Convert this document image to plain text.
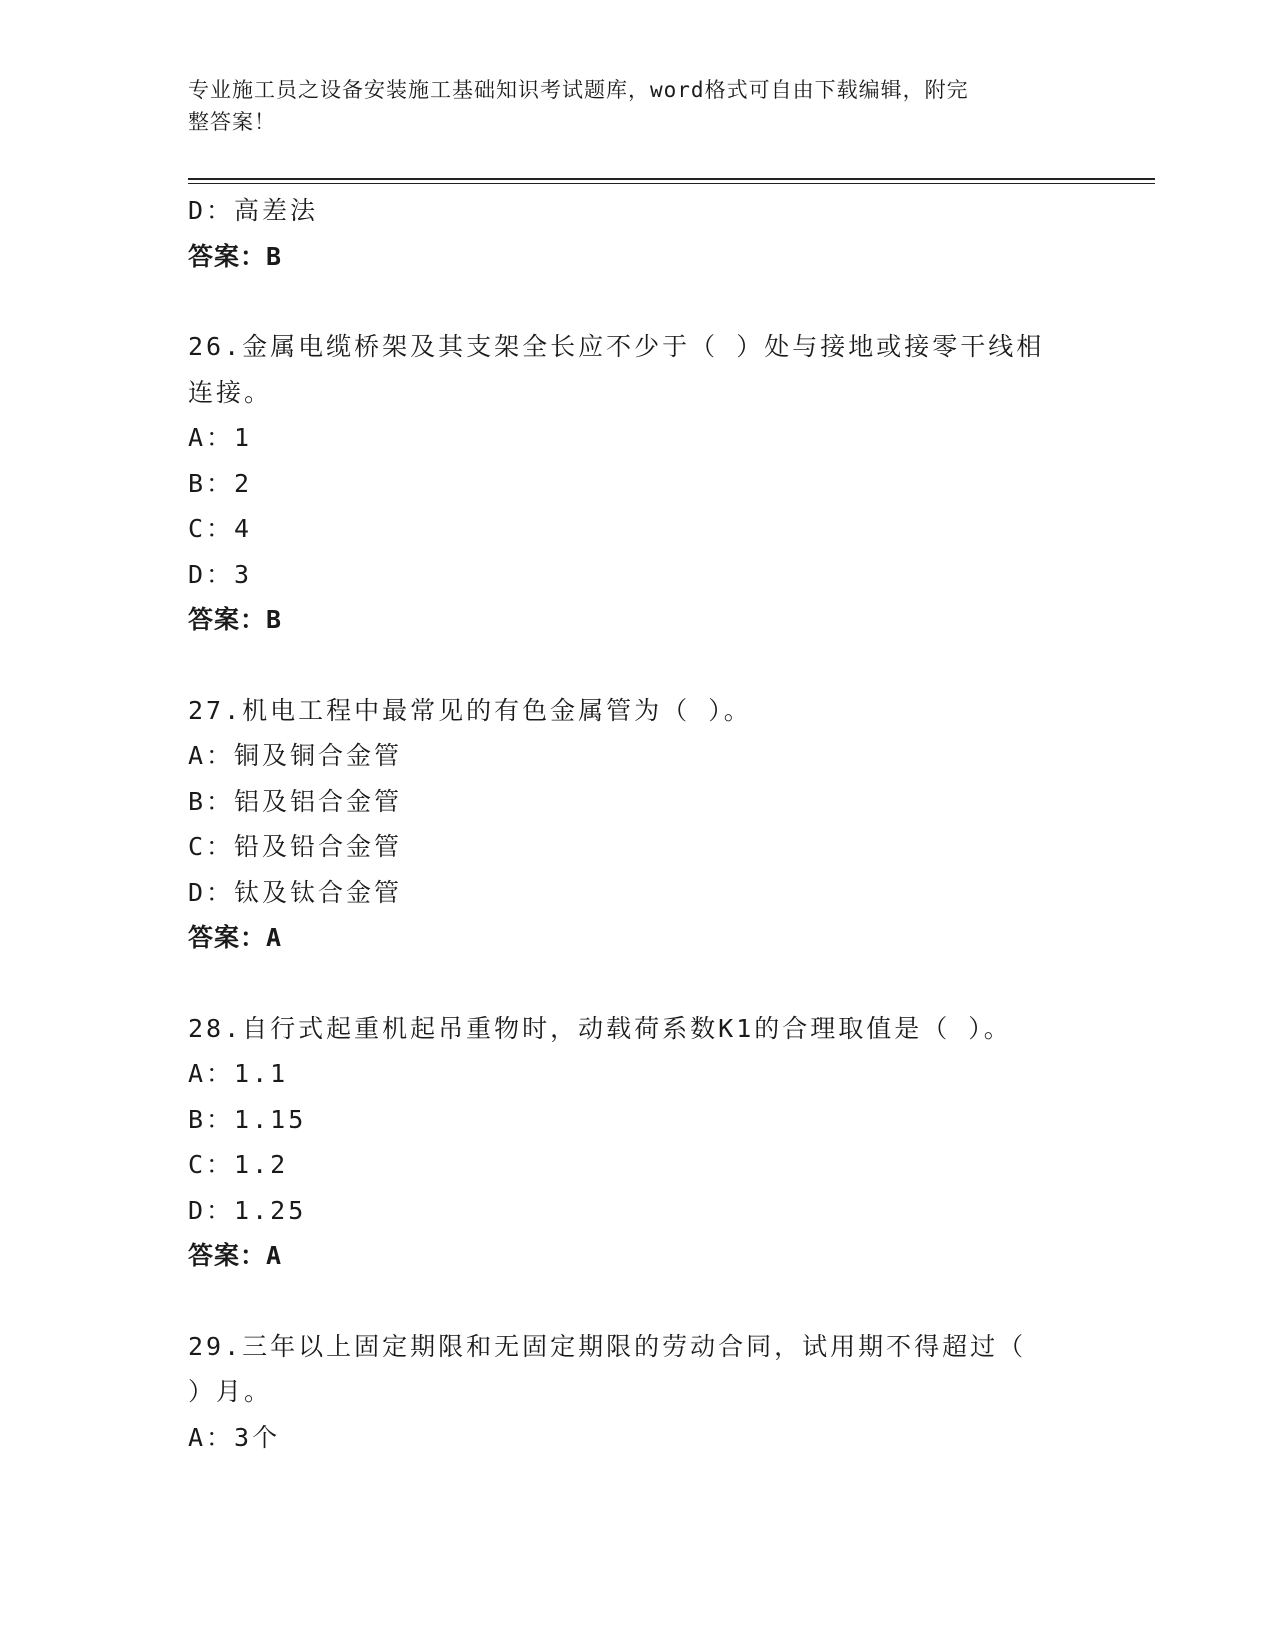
专业施工员之设备安装施工基础知识考试题库，word格式可自由下载编辑，附完
整答案！
D：高差法
答案：B
26.金属电缆桥架及其支架全长应不少于（ ）处与接地或接零干线相
连接。
A：1
B：2
C：4
D：3
答案：B
27.机电工程中最常见的有色金属管为（ ）。
A：铜及铜合金管
B：铝及铝合金管
C：铅及铅合金管
D：钛及钛合金管
答案：A
28.自行式起重机起吊重物时，动载荷系数K1的合理取值是（ ）。
A：1.1
B：1.15
C：1.2
D：1.25
答案：A
29.三年以上固定期限和无固定期限的劳动合同，试用期不得超过（
）月。
A：3个
